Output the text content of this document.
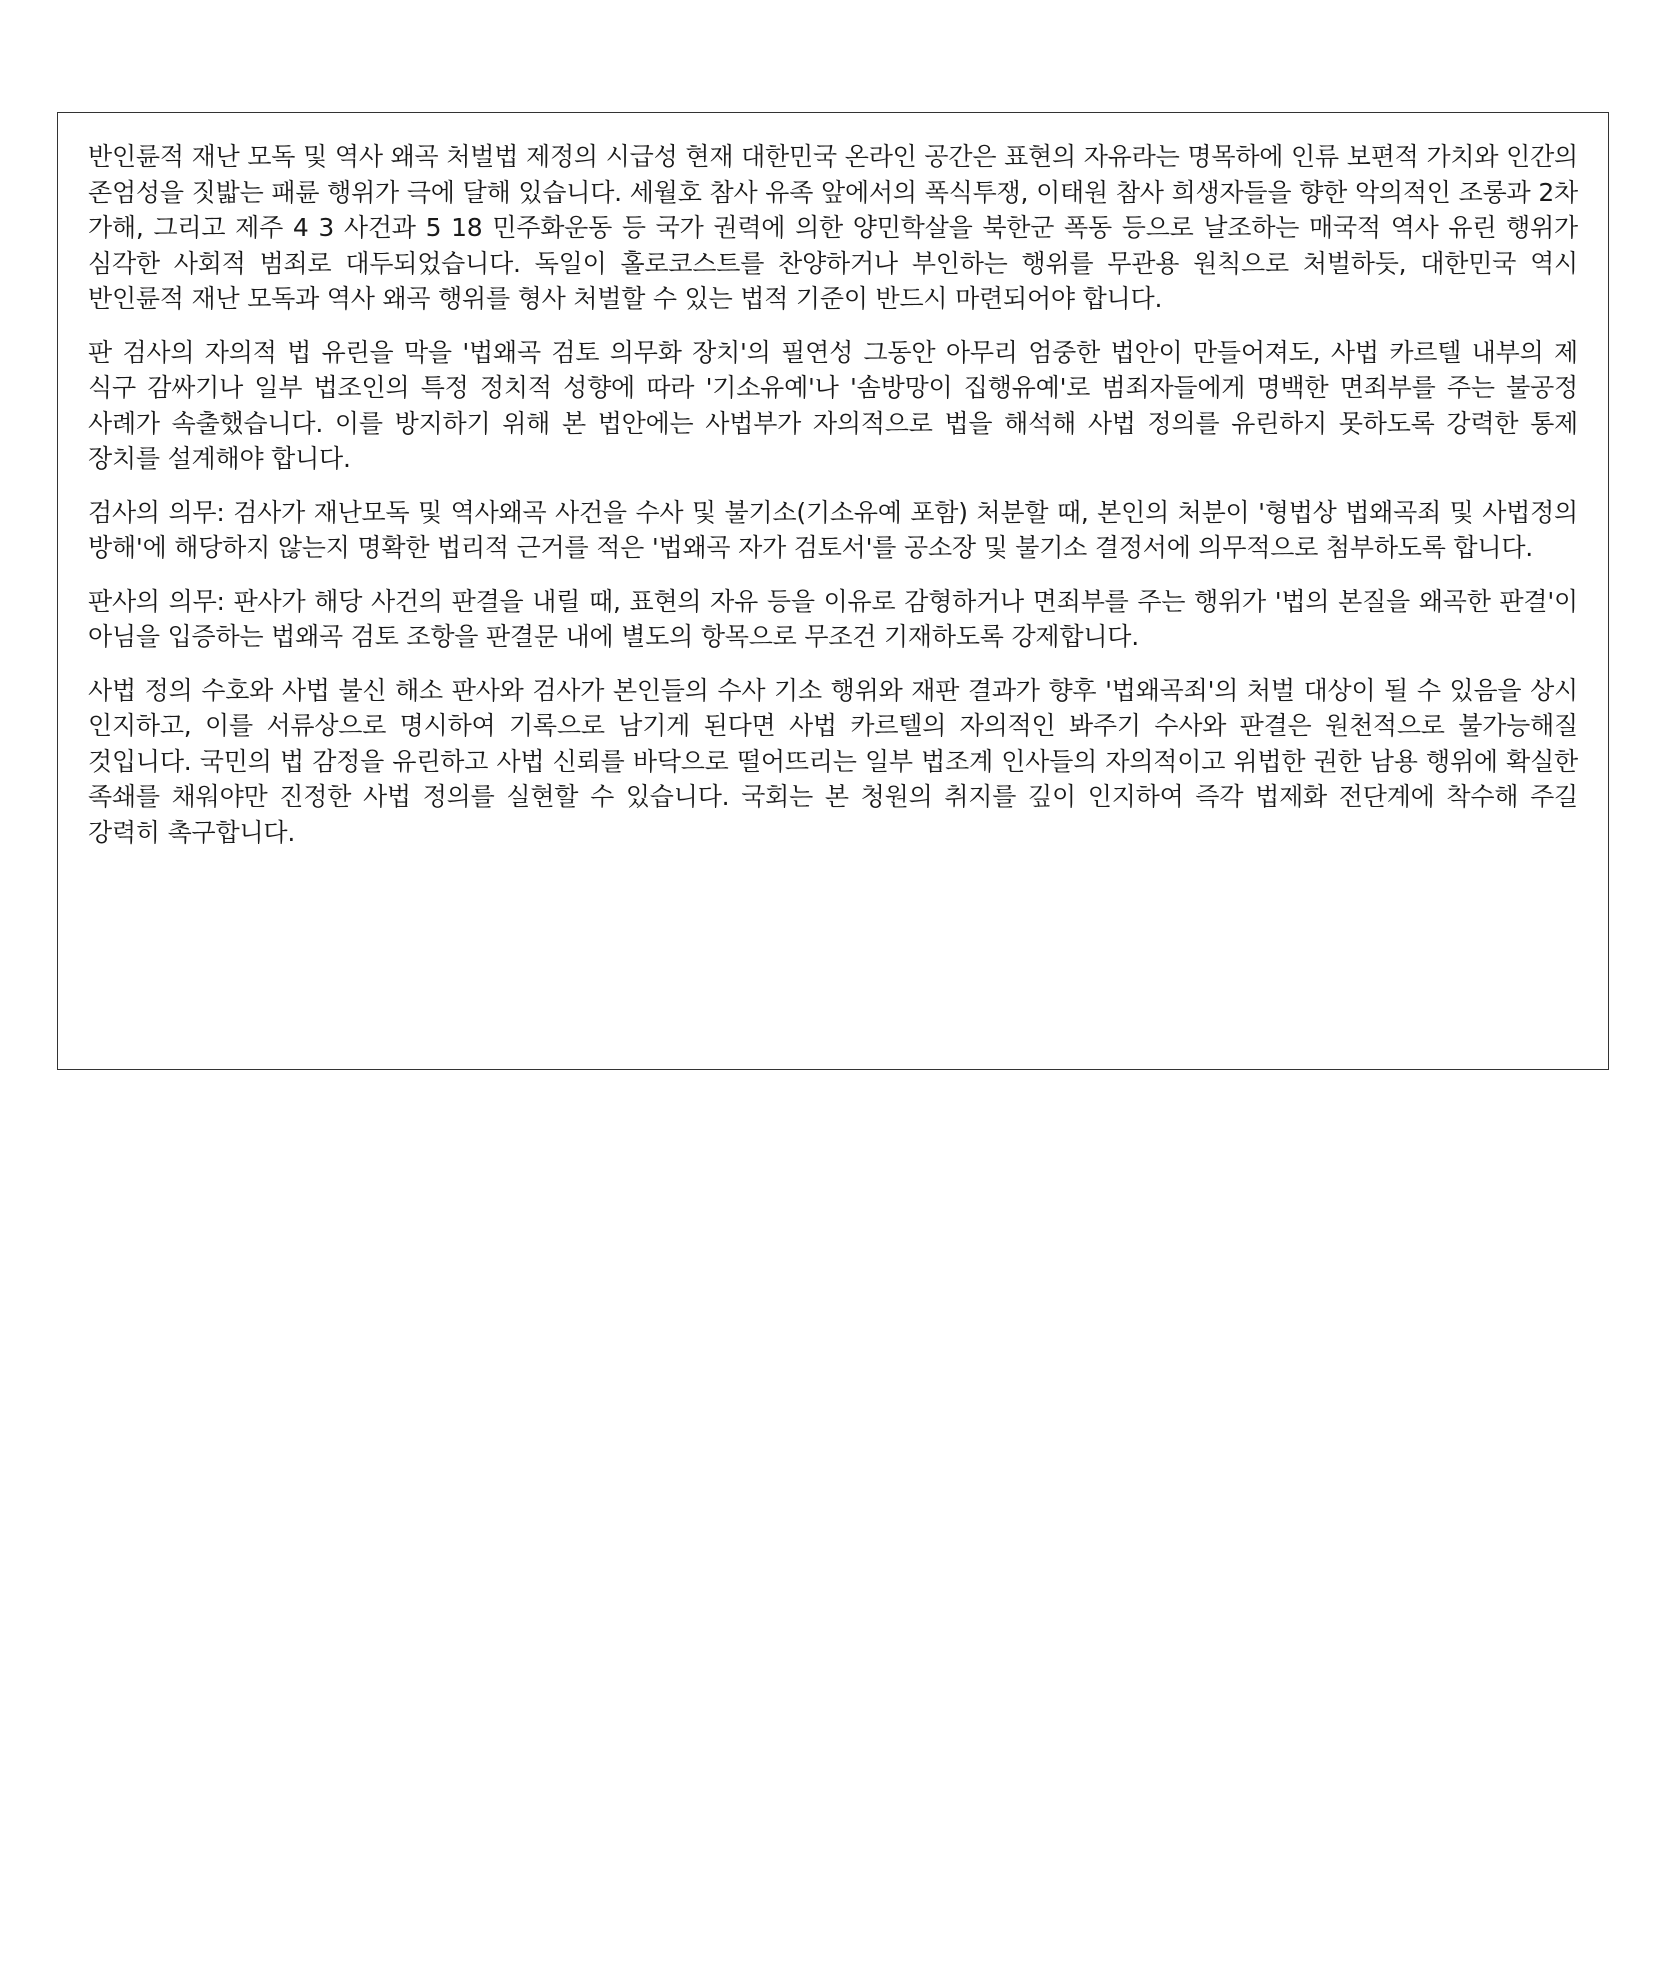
반인륜적 재난 모독 및 역사 왜곡 처벌법 제정의 시급성 현재 대한민국 온라인 공간은 표현의 자유라는 명목하에 인류 보편적 가치와 인간의 존엄성을 짓밟는 패륜 행위가 극에 달해 있습니다. 세월호 참사 유족 앞에서의 폭식투쟁, 이태원 참사 희생자들을 향한 악의적인 조롱과 2차 가해, 그리고 제주 4 3 사건과 5 18 민주화운동 등 국가 권력에 의한 양민학살을 북한군 폭동 등으로 날조하는 매국적 역사 유린 행위가 심각한 사회적 범죄로 대두되었습니다. 독일이 홀로코스트를 찬양하거나 부인하는 행위를 무관용 원칙으로 처벌하듯, 대한민국 역시 반인륜적 재난 모독과 역사 왜곡 행위를 형사 처벌할 수 있는 법적 기준이 반드시 마련되어야 합니다.

판 검사의 자의적 법 유린을 막을 '법왜곡 검토 의무화 장치'의 필연성 그동안 아무리 엄중한 법안이 만들어져도, 사법 카르텔 내부의 제 식구 감싸기나 일부 법조인의 특정 정치적 성향에 따라 '기소유예'나 '솜방망이 집행유예'로 범죄자들에게 명백한 면죄부를 주는 불공정 사례가 속출했습니다. 이를 방지하기 위해 본 법안에는 사법부가 자의적으로 법을 해석해 사법 정의를 유린하지 못하도록 강력한 통제 장치를 설계해야 합니다.

검사의 의무: 검사가 재난모독 및 역사왜곡 사건을 수사 및 불기소(기소유예 포함) 처분할 때, 본인의 처분이 '형법상 법왜곡죄 및 사법정의 방해'에 해당하지 않는지 명확한 법리적 근거를 적은 '법왜곡 자가 검토서'를 공소장 및 불기소 결정서에 의무적으로 첨부하도록 합니다.

판사의 의무: 판사가 해당 사건의 판결을 내릴 때, 표현의 자유 등을 이유로 감형하거나 면죄부를 주는 행위가 '법의 본질을 왜곡한 판결'이 아님을 입증하는 법왜곡 검토 조항을 판결문 내에 별도의 항목으로 무조건 기재하도록 강제합니다.

사법 정의 수호와 사법 불신 해소 판사와 검사가 본인들의 수사 기소 행위와 재판 결과가 향후 '법왜곡죄'의 처벌 대상이 될 수 있음을 상시 인지하고, 이를 서류상으로 명시하여 기록으로 남기게 된다면 사법 카르텔의 자의적인 봐주기 수사와 판결은 원천적으로 불가능해질 것입니다. 국민의 법 감정을 유린하고 사법 신뢰를 바닥으로 떨어뜨리는 일부 법조계 인사들의 자의적이고 위법한 권한 남용 행위에 확실한 족쇄를 채워야만 진정한 사법 정의를 실현할 수 있습니다. 국회는 본 청원의 취지를 깊이 인지하여 즉각 법제화 전단계에 착수해 주길 강력히 촉구합니다.
